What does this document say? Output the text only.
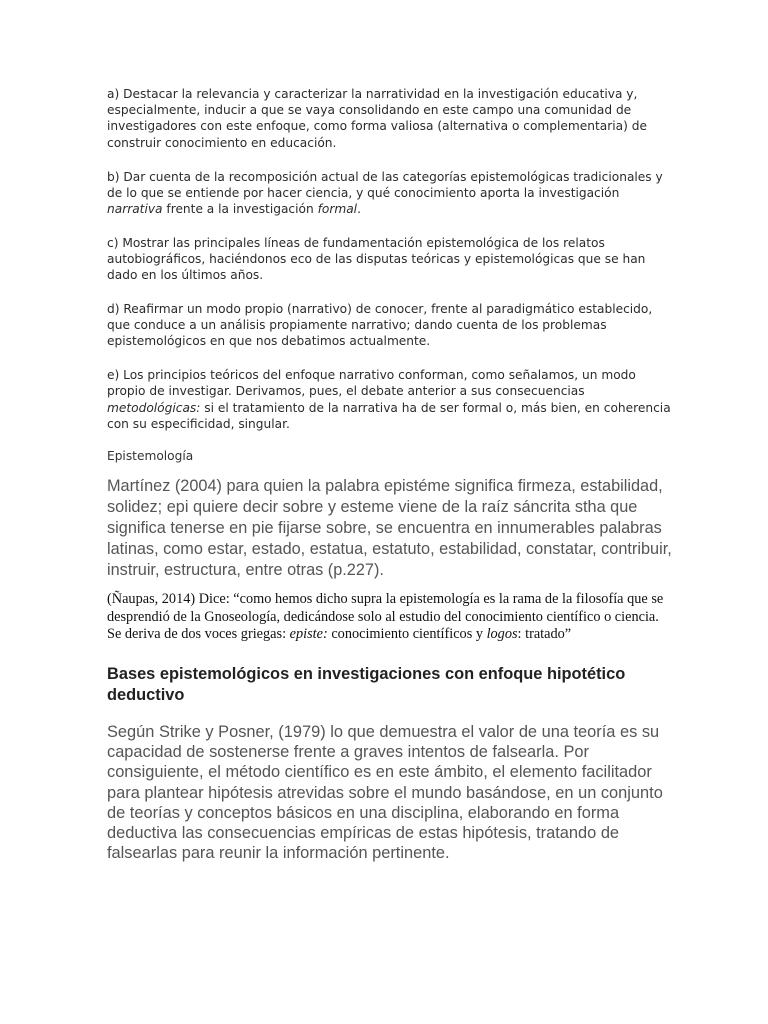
a) Destacar la relevancia y caracterizar la narratividad en la investigación educativa y, especialmente, inducir a que se vaya consolidando en este campo una comunidad de investigadores con este enfoque, como forma valiosa (alternativa o complementaria) de construir conocimiento en educación.

b) Dar cuenta de la recomposición actual de las categorías epistemológicas tradicionales y de lo que se entiende por hacer ciencia, y qué conocimiento aporta la investigación narrativa frente a la investigación formal.

c) Mostrar las principales líneas de fundamentación epistemológica de los relatos autobiográficos, haciéndonos eco de las disputas teóricas y epistemológicas que se han dado en los últimos años.

d) Reafirmar un modo propio (narrativo) de conocer, frente al paradigmático establecido, que conduce a un análisis propiamente narrativo; dando cuenta de los problemas epistemológicos en que nos debatimos actualmente.

e) Los principios teóricos del enfoque narrativo conforman, como señalamos, un modo propio de investigar. Derivamos, pues, el debate anterior a sus consecuencias metodológicas: si el tratamiento de la narrativa ha de ser formal o, más bien, en coherencia con su especificidad, singular.

Epistemología

Martínez (2004) para quien la palabra epistéme significa firmeza, estabilidad, solidez; epi quiere decir sobre y esteme viene de la raíz sáncrita stha que significa tenerse en pie fijarse sobre, se encuentra en innumerables palabras latinas, como estar, estado, estatua, estatuto, estabilidad, constatar, contribuir, instruir, estructura, entre otras (p.227).

(Ñaupas, 2014) Dice: “como hemos dicho supra la epistemología es la rama de la filosofía que se desprendió de la Gnoseología, dedicándose solo al estudio del conocimiento científico o ciencia. Se deriva de dos voces griegas: episte: conocimiento científicos y logos: tratado”

Bases epistemológicos en investigaciones con enfoque hipotético deductivo

Según Strike y Posner, (1979) lo que demuestra el valor de una teoría es su capacidad de sostenerse frente a graves intentos de falsearla. Por consiguiente, el método científico es en este ámbito, el elemento facilitador para plantear hipótesis atrevidas sobre el mundo basándose, en un conjunto de teorías y conceptos básicos en una disciplina, elaborando en forma deductiva las consecuencias empíricas de estas hipótesis, tratando de falsearlas para reunir la información pertinente.
